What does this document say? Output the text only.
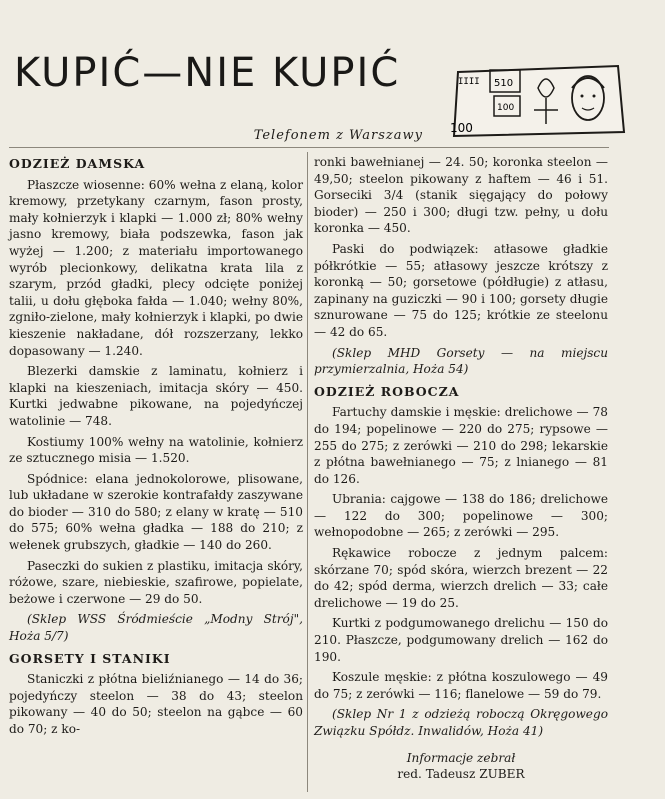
KUPIĆ—NIE KUPIĆ	IIII 510
100
100
Telefonem z Warszawy
ODZIEŻ DAMSKA

Płaszcze wiosenne: 60% wełna z elaną, kolor kremowy, przetykany czarnym, fason prosty, mały kołnierzyk i klapki — 1.000 zł; 80% wełny jasno kremowy, biała podszewka, fason jak wyżej — 1.200; z materiału importowanego wyrób plecionkowy, delikatna krata lila z szarym, przód gładki, plecy odcięte poniżej talii, u dołu głęboka fałda — 1.040; wełny 80%, zgniło-zielone, mały kołnierzyk i klapki, po dwie kieszenie nakładane, dół rozszerzany, lekko dopasowany — 1.240.

Blezerki damskie z laminatu, kołnierz i klapki na kieszeniach, imitacja skóry — 450. Kurtki jedwabne pikowane, na pojedyńczej watolinie — 748.

Kostiumy 100% wełny na watolinie, kołnierz ze sztucznego misia — 1.520.

Spódnice: elana jednokolorowe, plisowane, lub układane w szerokie kontrafałdy zaszywane do bioder — 310 do 580; z elany w kratę — 510 do 575; 60% wełna gładka — 188 do 210; z wełenek grubszych, gładkie — 140 do 260.

Paseczki do sukien z plastiku, imitacja skóry, różowe, szare, niebieskie, szafirowe, popielate, beżowe i czerwone — 29 do 50.

(Sklep WSS Śródmieście „Modny Strój", Hoża 5/7)

GORSETY I STANIKI

Staniczki z płótna bieliźnianego — 14 do 36; pojedyńczy steelon — 38 do 43; steelon pikowany — 40 do 50; steelon na gąbce — 60 do 70; z ko-

ronki bawełnianej — 24. 50; koronka steelon — 49,50; steelon pikowany z haftem — 46 i 51. Gorseciki 3/4 (stanik sięgający do połowy bioder) — 250 i 300; długi tzw. pełny, u dołu koronka — 450.

Paski do podwiązek: atłasowe gładkie półkrótkie — 55; atłasowy jeszcze krótszy z koronką — 50; gorsetowe (półdługie) z atłasu, zapinany na guziczki — 90 i 100; gorsety długie sznurowane — 75 do 125; krótkie ze steelonu — 42 do 65.

(Sklep MHD Gorsety — na miejscu przymierzalnia, Hoża 54)

ODZIEŻ ROBOCZA

Fartuchy damskie i męskie: drelichowe — 78 do 194; popelinowe — 220 do 275; rypsowe — 255 do 275; z zerówki — 210 do 298; lekarskie z płótna bawełnianego — 75; z lnianego — 81 do 126.

Ubrania: cajgowe — 138 do 186; drelichowe — 122 do 300; popelinowe — 300; wełnopodobne — 265; z zerówki — 295.

Rękawice robocze z jednym palcem: skórzane 70; spód skóra, wierzch brezent — 22 do 42; spód derma, wierzch drelich — 33; całe drelichowe — 19 do 25.

Kurtki z podgumowanego drelichu — 150 do 210. Płaszcze, podgumowany drelich — 162 do 190.

Koszule męskie: z płótna koszulowego — 49 do 75; z zerówki — 116; flanelowe — 59 do 79.

(Sklep Nr 1 z odzieżą roboczą Okręgowego Związku Spółdz. Inwalidów, Hoża 41)

Informacje zebrał
red. Tadeusz ZUBER
